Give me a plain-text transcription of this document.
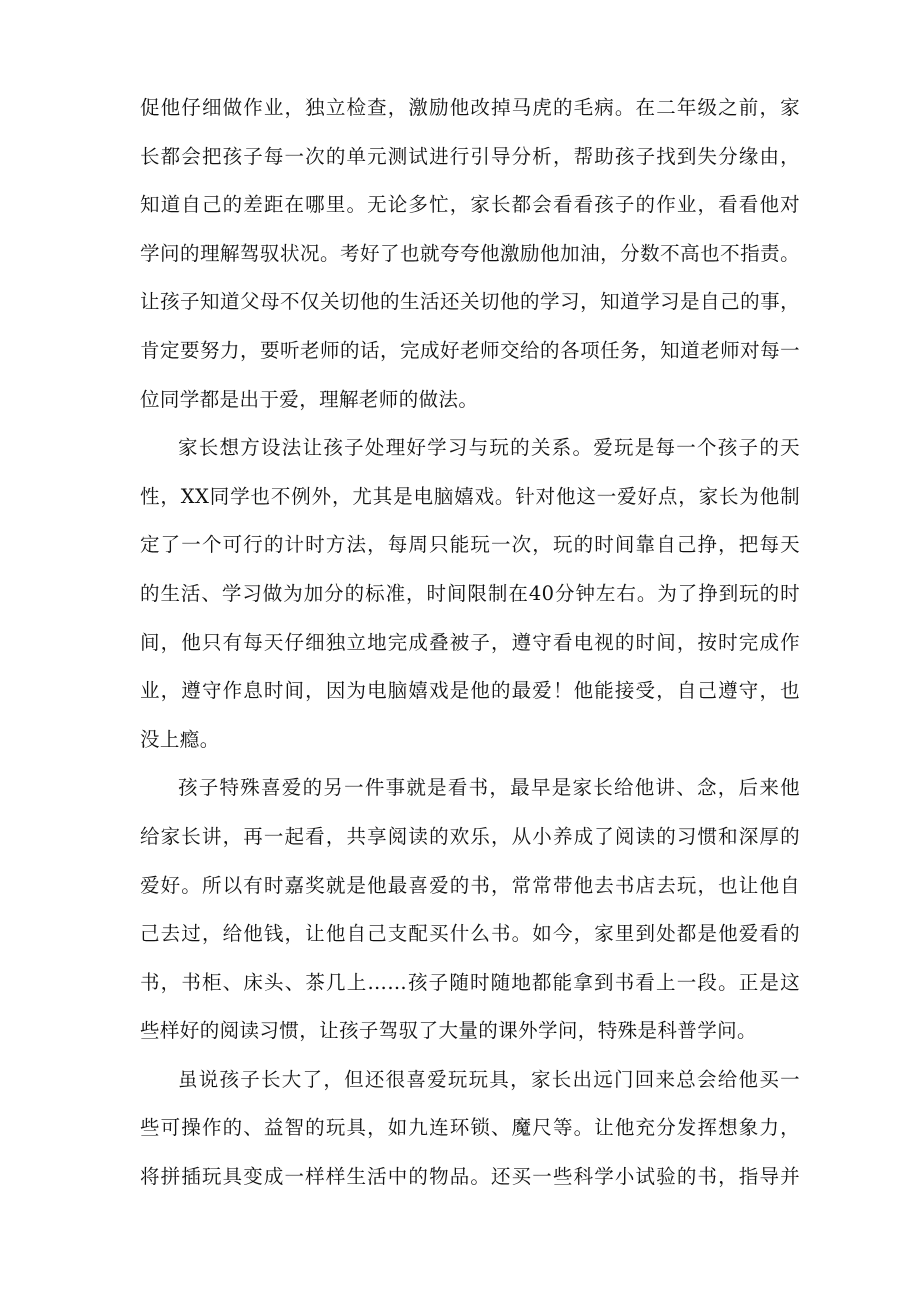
促他仔细做作业，独立检查，激励他改掉马虎的毛病。在二年级之前，家
长都会把孩子每一次的单元测试进行引导分析，帮助孩子找到失分缘由，
知道自己的差距在哪里。无论多忙，家长都会看看孩子的作业，看看他对
学问的理解驾驭状况。考好了也就夸夸他激励他加油，分数不高也不指责。
让孩子知道父母不仅关切他的生活还关切他的学习，知道学习是自己的事，
肯定要努力，要听老师的话，完成好老师交给的各项任务，知道老师对每一
位同学都是出于爱，理解老师的做法。
家长想方设法让孩子处理好学习与玩的关系。爱玩是每一个孩子的天
性，XX同学也不例外，尤其是电脑嬉戏。针对他这一爱好点，家长为他制
定了一个可行的计时方法，每周只能玩一次，玩的时间靠自己挣，把每天
的生活、学习做为加分的标准，时间限制在40分钟左右。为了挣到玩的时
间，他只有每天仔细独立地完成叠被子，遵守看电视的时间，按时完成作
业，遵守作息时间，因为电脑嬉戏是他的最爱！他能接受，自己遵守，也
没上瘾。
孩子特殊喜爱的另一件事就是看书，最早是家长给他讲、念，后来他
给家长讲，再一起看，共享阅读的欢乐，从小养成了阅读的习惯和深厚的
爱好。所以有时嘉奖就是他最喜爱的书，常常带他去书店去玩，也让他自
己去过，给他钱，让他自己支配买什么书。如今，家里到处都是他爱看的
书，书柜、床头、茶几上……孩子随时随地都能拿到书看上一段。正是这
些样好的阅读习惯，让孩子驾驭了大量的课外学问，特殊是科普学问。
虽说孩子长大了，但还很喜爱玩玩具，家长出远门回来总会给他买一
些可操作的、益智的玩具，如九连环锁、魔尺等。让他充分发挥想象力，
将拼插玩具变成一样样生活中的物品。还买一些科学小试验的书，指导并
